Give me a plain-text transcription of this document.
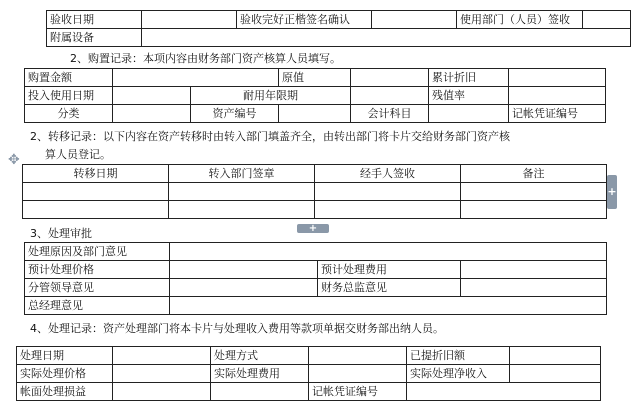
验收日期		验收完好正楷签名确认		使用部门（人员）签收	
附属设备					
2、购置记录：本项内容由财务部门资产核算人员填写。
购置金额			原值		累计折旧	
投入使用日期		耐用年限期			残值率	
分类		资产编号		会计科目		记帐凭证编号
2、转移记录：以下内容在资产转移时由转入部门填盖齐全，由转出部门将卡片交给财务部门资产核
算人员登记。
✥
转移日期	转入部门签章	经手人签收	备注

+
+
3、处理审批
处理原因及部门意见			
预计处理价格		预计处理费用	
分管领导意见		财务总监意见	
总经理意见			
4、处理记录：资产处理部门将本卡片与处理收入费用等款项单据交财务部出纳人员。
处理日期		处理方式		已提折旧额	
实际处理价格		实际处理费用		实际处理净收入	
帐面处理损益			记帐凭证编号		
